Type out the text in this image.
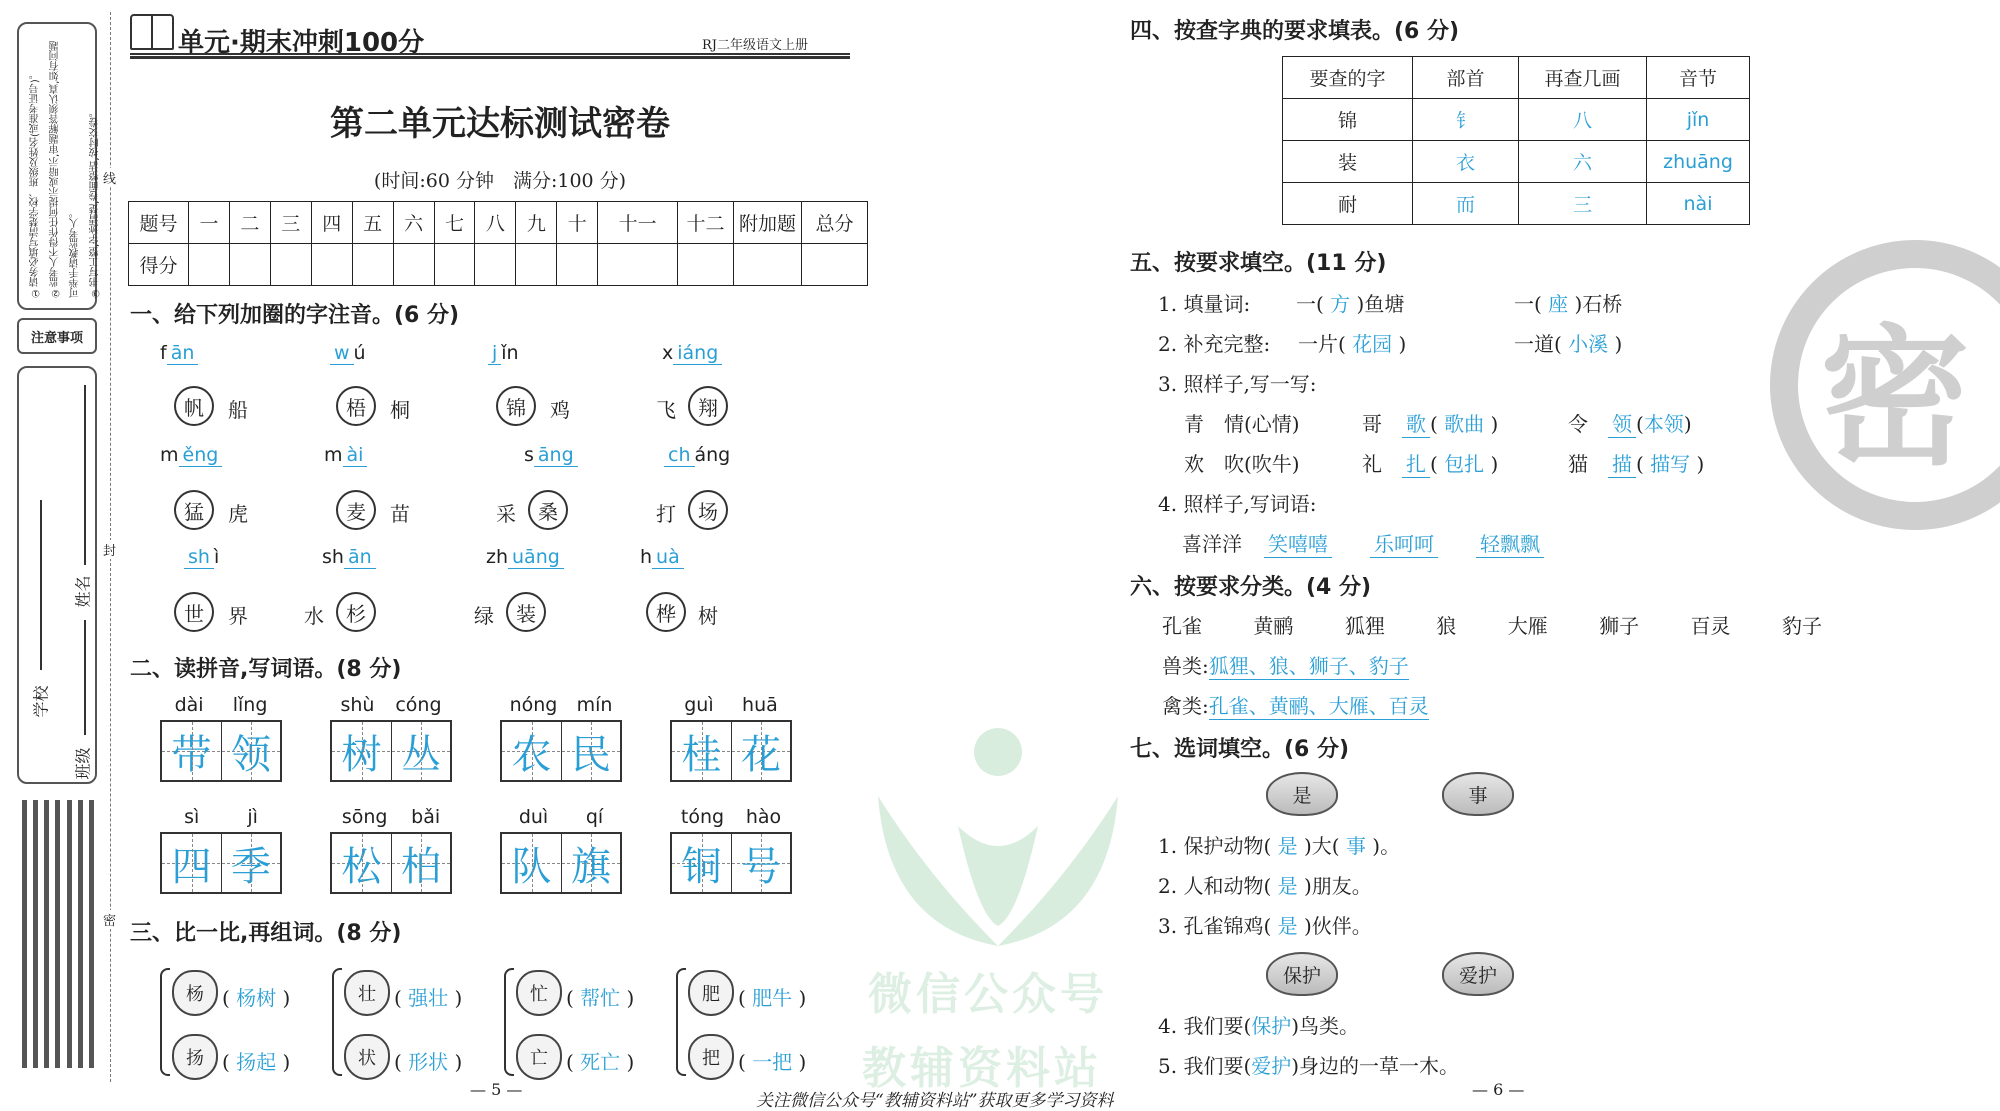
①请务必填写清楚学校、班级及姓名(或准考证号)。 ②监考人不得作任何提示或暗示,审题解答须认真,如有问题可举手请教监考人。 ③书写工整,字迹清楚,卷面整洁,按时交卷。
注意事项
学校
姓名
班级
线
封
密
单元·期末冲刺100分	RJ二年级语文上册
第二单元达标测试密卷
(时间:60 分钟　满分:100 分)
题号	一	二	三	四	五	六	七	八	九	十	十一	十二	附加题	总分
得分														
一、给下列加圈的字注音。(6 分)
f ān	w ú	j ǐn	x iáng
帆	船	梧	桐	锦	鸡	飞	翔
m ěng	m ài	s āng	ch áng
猛	虎	麦	苗	采	桑	打	场
sh ì	sh ān	zh uāng	h uà
世	界	水	杉	绿	装	桦	树
二、读拼音,写词语。(8 分)
dài lǐng
带 领
shù cóng
树 丛
nóng mín
农 民
guì huā
桂 花
sì	jì
四 季
sōng bǎi
松 柏
duì qí
队 旗
tóng hào
铜 号
三、比一比,再组词。(8 分)
杨 ( 杨树 )
扬 ( 扬起 )
壮 ( 强壮 )
状 ( 形状 )
忙 ( 帮忙 )
亡 ( 死亡 )
肥 ( 肥牛 )
把 ( 一把 )
— 5 —	— 6 —
关注微信公众号“教辅资料站”获取更多学习资料
微信公众号
教辅资料站
密
四、按查字典的要求填表。(6 分)
要查的字	部首	再查几画	音节
锦	钅	八	jǐn
装	衣	六	zhuāng
耐	而	三	nài
五、按要求填空。(11 分)
1. 填量词: 一( 方 )鱼塘	一( 座 )石桥
2. 补充完整: 一片( 花园 )	一道( 小溪 )
3. 照样子,写一写:
青　 情(心情)	哥　 歌 ( 歌曲 )	令　 领 (本领)
欢　 吹(吹牛)	礼　 扎 ( 包扎 )	猫　 描 ( 描写 )
4. 照样子,写词语:
喜洋洋 笑嘻嘻 乐呵呵 轻飘飘
六、按要求分类。(4 分)
孔雀	黄鹂	狐狸	狼	大雁	狮子	百灵	豹子
兽类:狐狸、狼、狮子、豹子
禽类:孔雀、黄鹂、大雁、百灵
七、选词填空。(6 分)
是	事
1. 保护动物( 是 )大( 事 )。
2. 人和动物( 是 )朋友。
3. 孔雀锦鸡( 是 )伙伴。
保护	爱护
4. 我们要(保护)鸟类。
5. 我们要(爱护)身边的一草一木。
